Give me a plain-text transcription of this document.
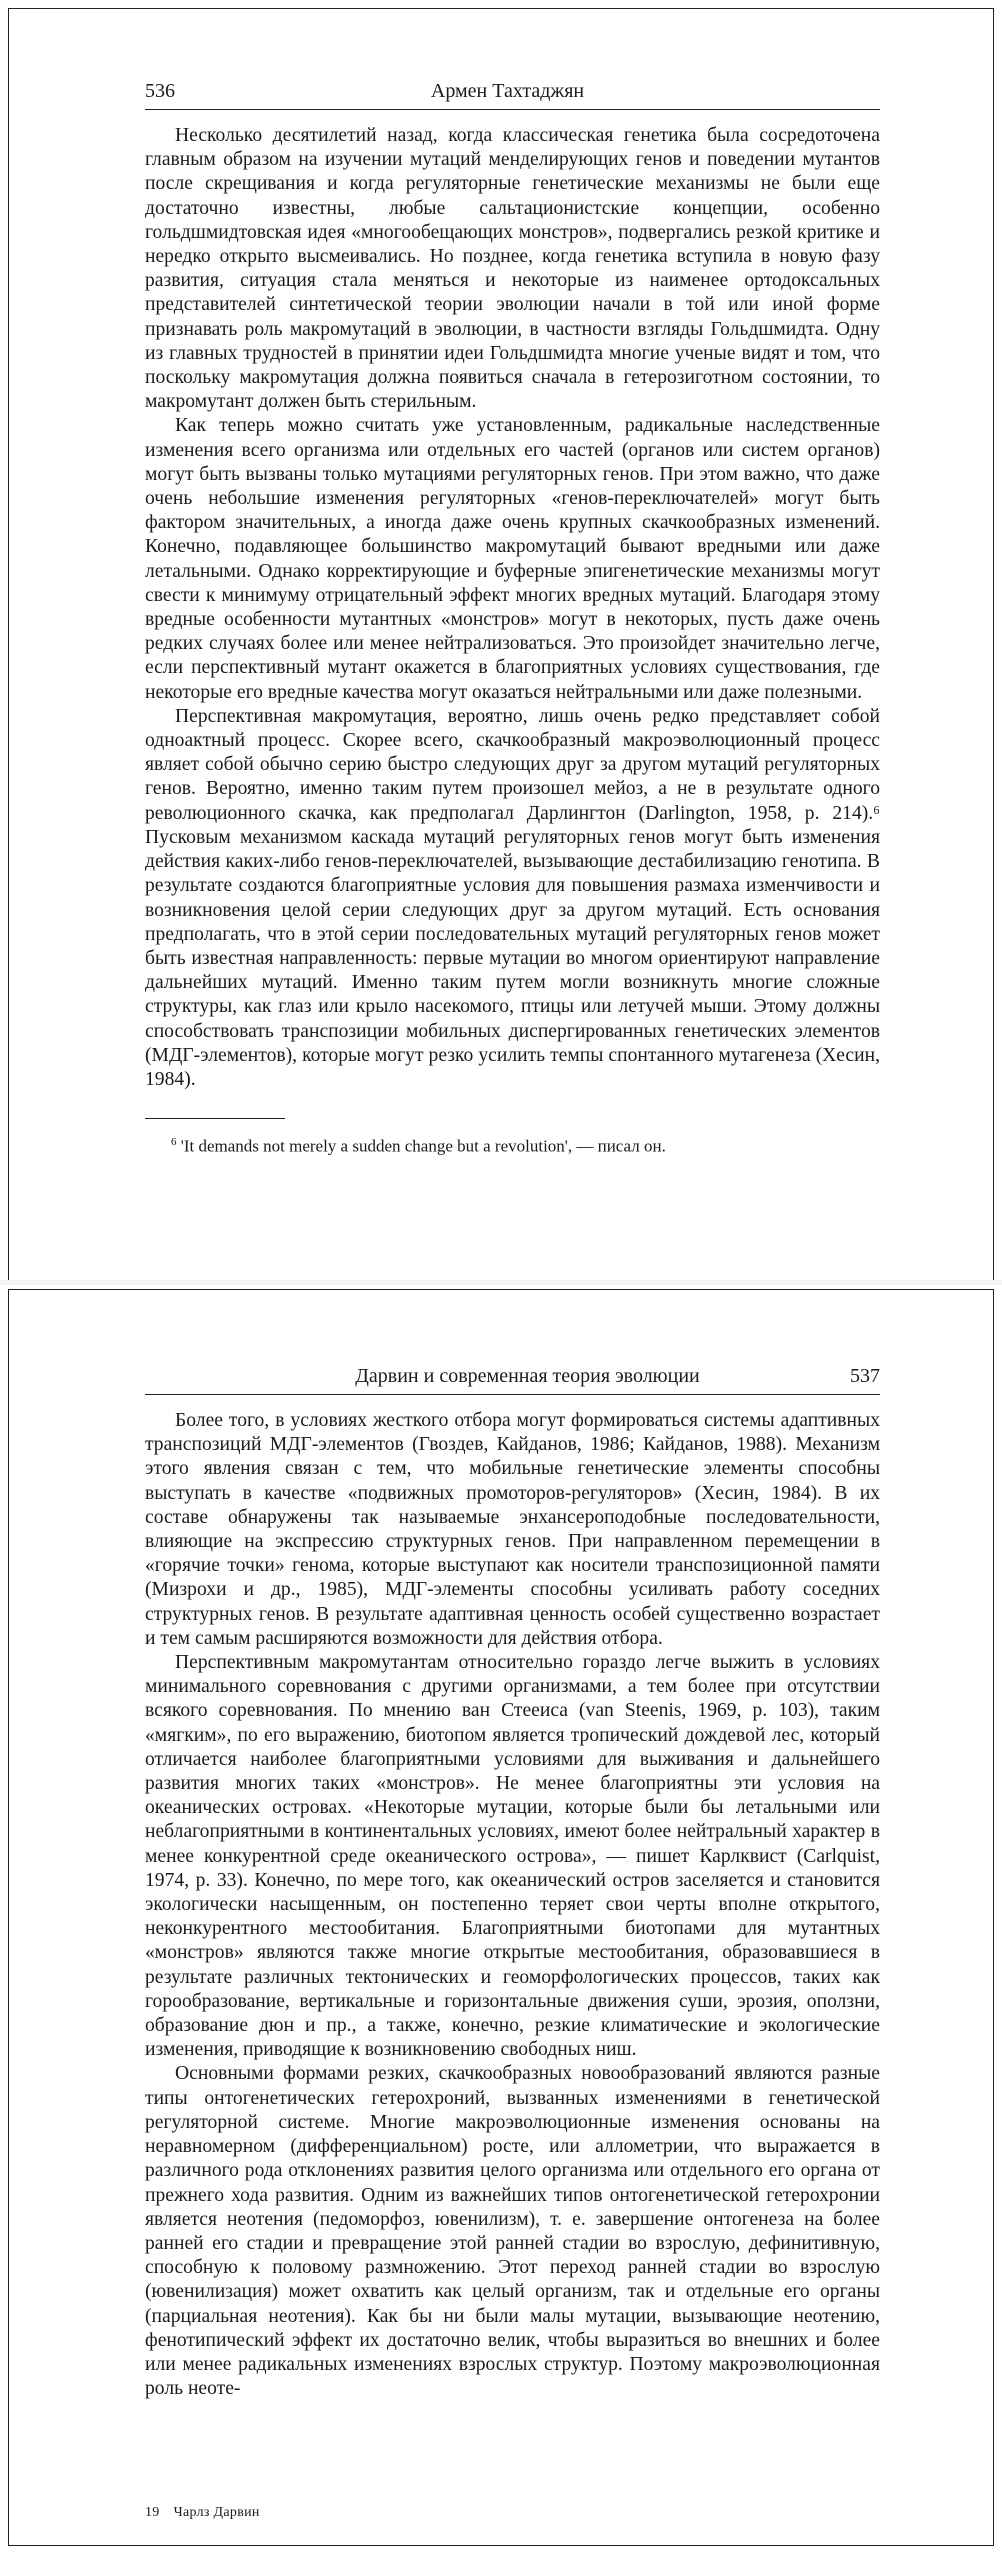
536	Армен Тахтаджян

Несколько десятилетий назад, когда классическая генетика была сосредоточена главным образом на изучении мутаций менделирующих генов и поведении мутантов после скрещивания и когда регуляторные генетические механизмы не были еще достаточно известны, любые сальтационистские концепции, особенно гольдшмидтовская идея «многообещающих монстров», подвергались резкой критике и нередко открыто высмеивались. Но позднее, когда генетика вступила в новую фазу развития, ситуация стала меняться и некоторые из наименее ортодоксальных представителей синтетической теории эволюции начали в той или иной форме признавать роль макромутаций в эволюции, в частности взгляды Гольдшмидта. Одну из главных трудностей в принятии идеи Гольдшмидта многие ученые видят и том, что поскольку макромутация должна появиться сначала в гетерозиготном состоянии, то макромутант должен быть стерильным.

Как теперь можно считать уже установленным, радикальные наследственные изменения всего организма или отдельных его частей (органов или систем органов) могут быть вызваны только мутациями регуляторных генов. При этом важно, что даже очень небольшие изменения регуляторных «генов-переключателей» могут быть фактором значительных, а иногда даже очень крупных скачкообразных изменений. Конечно, подавляющее большинство макромутаций бывают вредными или даже летальными. Однако корректирующие и буферные эпигенетические механизмы могут свести к минимуму отрицательный эффект многих вредных мутаций. Благодаря этому вредные особенности мутантных «монстров» могут в некоторых, пусть даже очень редких случаях более или менее нейтрализоваться. Это произойдет значительно легче, если перспективный мутант окажется в благоприятных условиях существования, где некоторые его вредные качества могут оказаться нейтральными или даже полезными.

Перспективная макромутация, вероятно, лишь очень редко представляет собой одноактный процесс. Скорее всего, скачкообразный макроэволюционный процесс являет собой обычно серию быстро следующих друг за другом мутаций регуляторных генов. Вероятно, именно таким путем произошел мейоз, а не в результате одного революционного скачка, как предполагал Дарлингтон (Darlington, 1958, p. 214).⁶ Пусковым механизмом каскада мутаций регуляторных генов могут быть изменения действия каких-либо генов-переключателей, вызывающие дестабилизацию генотипа. В результате создаются благоприятные условия для повышения размаха изменчивости и возникновения целой серии следующих друг за другом мутаций. Есть основания предполагать, что в этой серии последовательных мутаций регуляторных генов может быть известная направленность: первые мутации во многом ориентируют направление дальнейших мутаций. Именно таким путем могли возникнуть многие сложные структуры, как глаз или крыло насекомого, птицы или летучей мыши. Этому должны способствовать транспозиции мобильных диспергированных генетических элементов (МДГ-элементов), которые могут резко усилить темпы спонтанного мутагенеза (Хесин, 1984).

$^6$ 'It demands not merely a sudden change but a revolution', — писал он.

Дарвин и современная теория эволюции	537

Более того, в условиях жесткого отбора могут формироваться системы адаптивных транспозиций МДГ-элементов (Гвоздев, Кайданов, 1986; Кайданов, 1988). Механизм этого явления связан с тем, что мобильные генетические элементы способны выступать в качестве «подвижных промоторов-регуляторов» (Хесин, 1984). В их составе обнаружены так называемые энхансероподобные последовательности, влияющие на экспрессию структурных генов. При направленном перемещении в «горячие точки» генома, которые выступают как носители транспозиционной памяти (Мизрохи и др., 1985), МДГ-элементы способны усиливать работу соседних структурных генов. В результате адаптивная ценность особей существенно возрастает и тем самым расширяются возможности для действия отбора.

Перспективным макромутантам относительно гораздо легче выжить в условиях минимального соревнования с другими организмами, а тем более при отсутствии всякого соревнования. По мнению ван Стееиса (van Steenis, 1969, p. 103), таким «мягким», по его выражению, биотопом является тропический дождевой лес, который отличается наиболее благоприятными условиями для выживания и дальнейшего развития многих таких «монстров». Не менее благоприятны эти условия на океанических островах. «Некоторые мутации, которые были бы летальными или неблагоприятными в континентальных условиях, имеют более нейтральный характер в менее конкурентной среде океанического острова», — пишет Карлквист (Carlquist, 1974, p. 33). Конечно, по мере того, как океанический остров заселяется и становится экологически насыщенным, он постепенно теряет свои черты вполне открытого, неконкурентного местообитания. Благоприятными биотопами для мутантных «монстров» являются также многие открытые местообитания, образовавшиеся в результате различных тектонических и геоморфологических процессов, таких как горообразование, вертикальные и горизонтальные движения суши, эрозия, оползни, образование дюн и пр., а также, конечно, резкие климатические и экологические изменения, приводящие к возникновению свободных ниш.

Основными формами резких, скачкообразных новообразований являются разные типы онтогенетических гетерохроний, вызванных изменениями в генетической регуляторной системе. Многие макроэволюционные изменения основаны на неравномерном (дифференциальном) росте, или аллометрии, что выражается в различного рода отклонениях развития целого организма или отдельного его органа от прежнего хода развития. Одним из важнейших типов онтогенетической гетерохронии является неотения (педоморфоз, ювенилизм), т. е. завершение онтогенеза на более ранней его стадии и превращение этой ранней стадии во взрослую, дефинитивную, способную к половому размножению. Этот переход ранней стадии во взрослую (ювенилизация) может охватить как целый организм, так и отдельные его органы (парциальная неотения). Как бы ни были малы мутации, вызывающие неотению, фенотипический эффект их достаточно велик, чтобы выразиться во внешних и более или менее радикальных изменениях взрослых структур. Поэтому макроэволюционная роль неоте-

19 Чарлз Дарвин
